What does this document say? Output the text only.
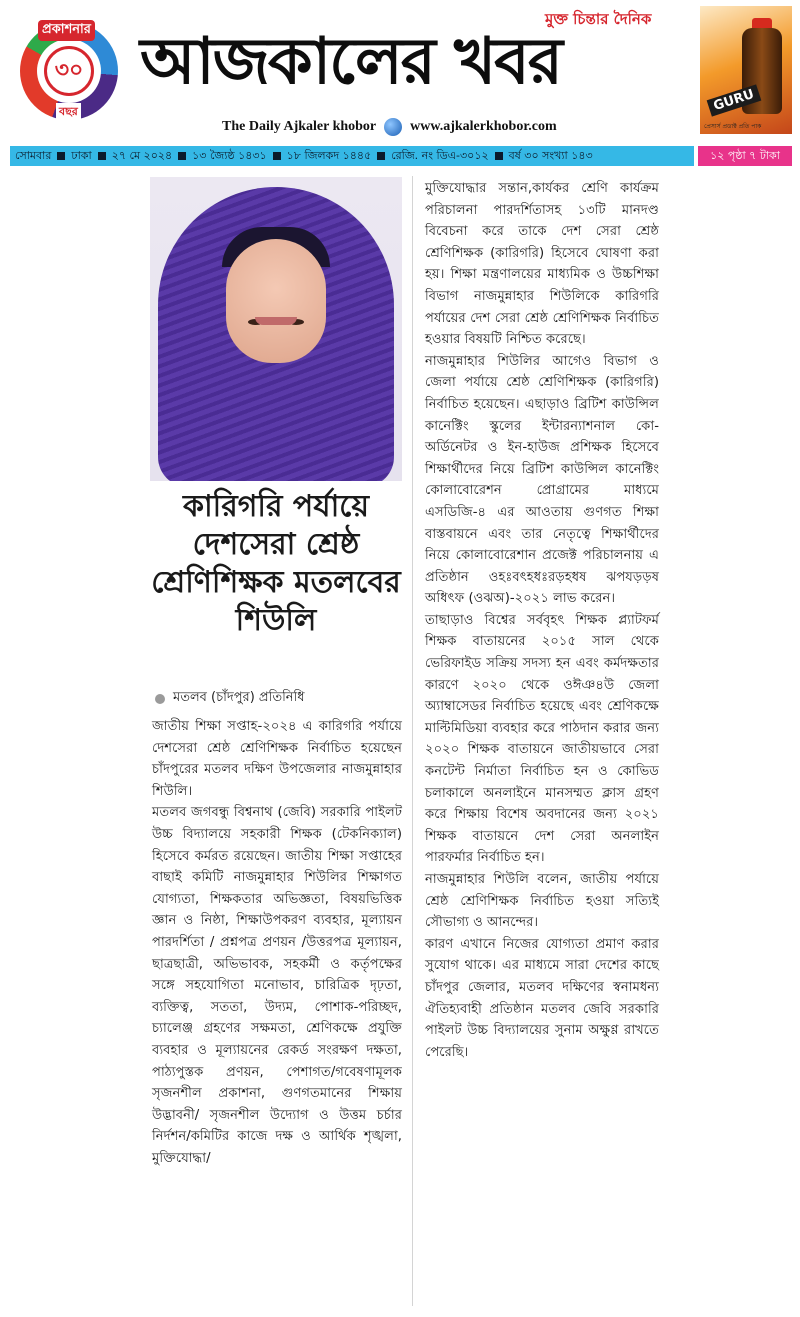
৩০
প্রকাশনার
বছর
মুক্ত চিন্তার দৈনিক
আজকালের খবর
The Daily Ajkaler khobor www.ajkalerkhobor.com
GURU
প্রেসার্স প্রডাক্ট প্রতি পাক
সোমবার	ঢাকা	২৭ মে ২০২৪	১৩ জ্যৈষ্ঠ ১৪৩১	১৮ জিলকদ ১৪৪৫	রেজি. নং ডিএ-৩০১২	বর্ষ ৩০ সংখ্যা ১৪৩	১২ পৃষ্ঠা ৭ টাকা
কারিগরি পর্যায়ে দেশসেরা শ্রেষ্ঠ শ্রেণিশিক্ষক মতলবের শিউলি
মতলব (চাঁদপুর) প্রতিনিধি

জাতীয় শিক্ষা সপ্তাহ-২০২৪ এ কারিগরি পর্যায়ে দেশসেরা শ্রেষ্ঠ শ্রেণিশিক্ষক নির্বাচিত হয়েছেন চাঁদপুরের মতলব দক্ষিণ উপজেলার নাজমুন্নাহার শিউলি।

মতলব জগবন্ধু বিশ্বনাথ (জেবি) সরকারি পাইলট উচ্চ বিদ্যালয়ে সহকারী শিক্ষক (টেকনিক্যাল) হিসেবে কর্মরত রয়েছেন। জাতীয় শিক্ষা সপ্তাহের বাছাই কমিটি নাজমুন্নাহার শিউলির শিক্ষাগত যোগ্যতা, শিক্ষকতার অভিজ্ঞতা, বিষয়ভিত্তিক জ্ঞান ও নিষ্ঠা, শিক্ষাউপকরণ ব্যবহার, মূল্যায়ন পারদর্শিতা / প্রশ্নপত্র প্রণয়ন /উত্তরপত্র মূল্যায়ন, ছাত্রছাত্রী, অভিভাবক, সহকর্মী ও কর্তৃপক্ষের সঙ্গে সহযোগিতা মনোভাব, চারিত্রিক দৃঢ়তা, ব্যক্তিত্ব, সততা, উদ্যম, পোশাক-পরিচ্ছদ, চ্যালেঞ্জ গ্রহণের সক্ষমতা, শ্রেণিকক্ষে প্রযুক্তি ব্যবহার ও মূল্যায়নের রেকর্ড সংরক্ষণ দক্ষতা, পাঠ্যপুস্তক প্রণয়ন, পেশাগত/গবেষণামূলক সৃজনশীল প্রকাশনা, গুণগতমানের শিক্ষায় উদ্ভাবনী/ সৃজনশীল উদ্যোগ ও উত্তম চর্চার নির্দশন/কমিটির কাজে দক্ষ ও আর্থিক শৃঙ্খলা, মুক্তিযোদ্ধা/

মুক্তিযোদ্ধার সন্তান,কার্যকর শ্রেণি কার্যক্রম পরিচালনা পারদর্শিতাসহ ১৩টি মানদণ্ড বিবেচনা করে তাকে দেশ সেরা শ্রেষ্ঠ শ্রেণিশিক্ষক (কারিগরি) হিসেবে ঘোষণা করা হয়। শিক্ষা মন্ত্রণালয়ের মাধ্যমিক ও উচ্চশিক্ষা বিভাগ নাজমুন্নাহার শিউলিকে কারিগরি পর্যায়ের দেশ সেরা শ্রেষ্ঠ শ্রেণিশিক্ষক নির্বাচিত হওয়ার বিষয়টি নিশ্চিত করেছে।

নাজমুন্নাহার শিউলির আগেও বিভাগ ও জেলা পর্যায়ে শ্রেষ্ঠ শ্রেণিশিক্ষক (কারিগরি) নির্বাচিত হয়েছেন। এছাড়াও ব্রিটিশ কাউন্সিল কানেক্টিং স্কুলের ইন্টারন্যাশনাল কো-অর্ডিনেটর ও ইন-হাউজ প্রশিক্ষক হিসেবে শিক্ষার্থীদের নিয়ে ব্রিটিশ কাউন্সিল কানেক্টিং কোলাবোরেশন প্রোগ্রামের মাধ্যমে এসডিজি-৪ এর আওতায় গুণগত শিক্ষা বাস্তবায়নে এবং তার নেতৃত্বে শিক্ষার্থীদের নিয়ে কোলাবোরেশান প্রজেক্ট পরিচালনায় এ প্রতিষ্ঠান ওহঃবৎহধঃরড়হধষ ঝপযড়ড়ষ অধিৎফ (ওঝঅ)-২০২১ লাভ করেন।

তাছাড়াও বিশ্বের সর্ববৃহৎ শিক্ষক প্ল্যাটফর্ম শিক্ষক বাতায়নের ২০১৫ সাল থেকে ভেরিফাইড সক্রিয় সদস্য হন এবং কর্মদক্ষতার কারণে ২০২০ থেকে ওঈঞ৪উ জেলা অ্যাম্বাসেডর নির্বাচিত হয়েছে এবং শ্রেণিকক্ষে মাল্টিমিডিয়া ব্যবহার করে পাঠদান করার জন্য ২০২০ শিক্ষক বাতায়নে জাতীয়ভাবে সেরা কনটেন্ট নির্মাতা নির্বাচিত হন ও কোভিড চলাকালে অনলাইনে মানসম্মত ক্লাস গ্রহণ করে শিক্ষায় বিশেষ অবদানের জন্য ২০২১ শিক্ষক বাতায়নে দেশ সেরা অনলাইন পারফর্মার নির্বাচিত হন।

নাজমুন্নাহার শিউলি বলেন, জাতীয় পর্যায়ে শ্রেষ্ঠ শ্রেণিশিক্ষক নির্বাচিত হওয়া সত্যিই সৌভাগ্য ও আনন্দের।

কারণ এখানে নিজের যোগ্যতা প্রমাণ করার সুযোগ থাকে। এর মাধ্যমে সারা দেশের কাছে চাঁদপুর জেলার, মতলব দক্ষিণের স্বনামধন্য ঐতিহ্যবাহী প্রতিষ্ঠান মতলব জেবি সরকারি পাইলট উচ্চ বিদ্যালয়ের সুনাম অক্ষুণ্ণ রাখতে পেরেছি।
